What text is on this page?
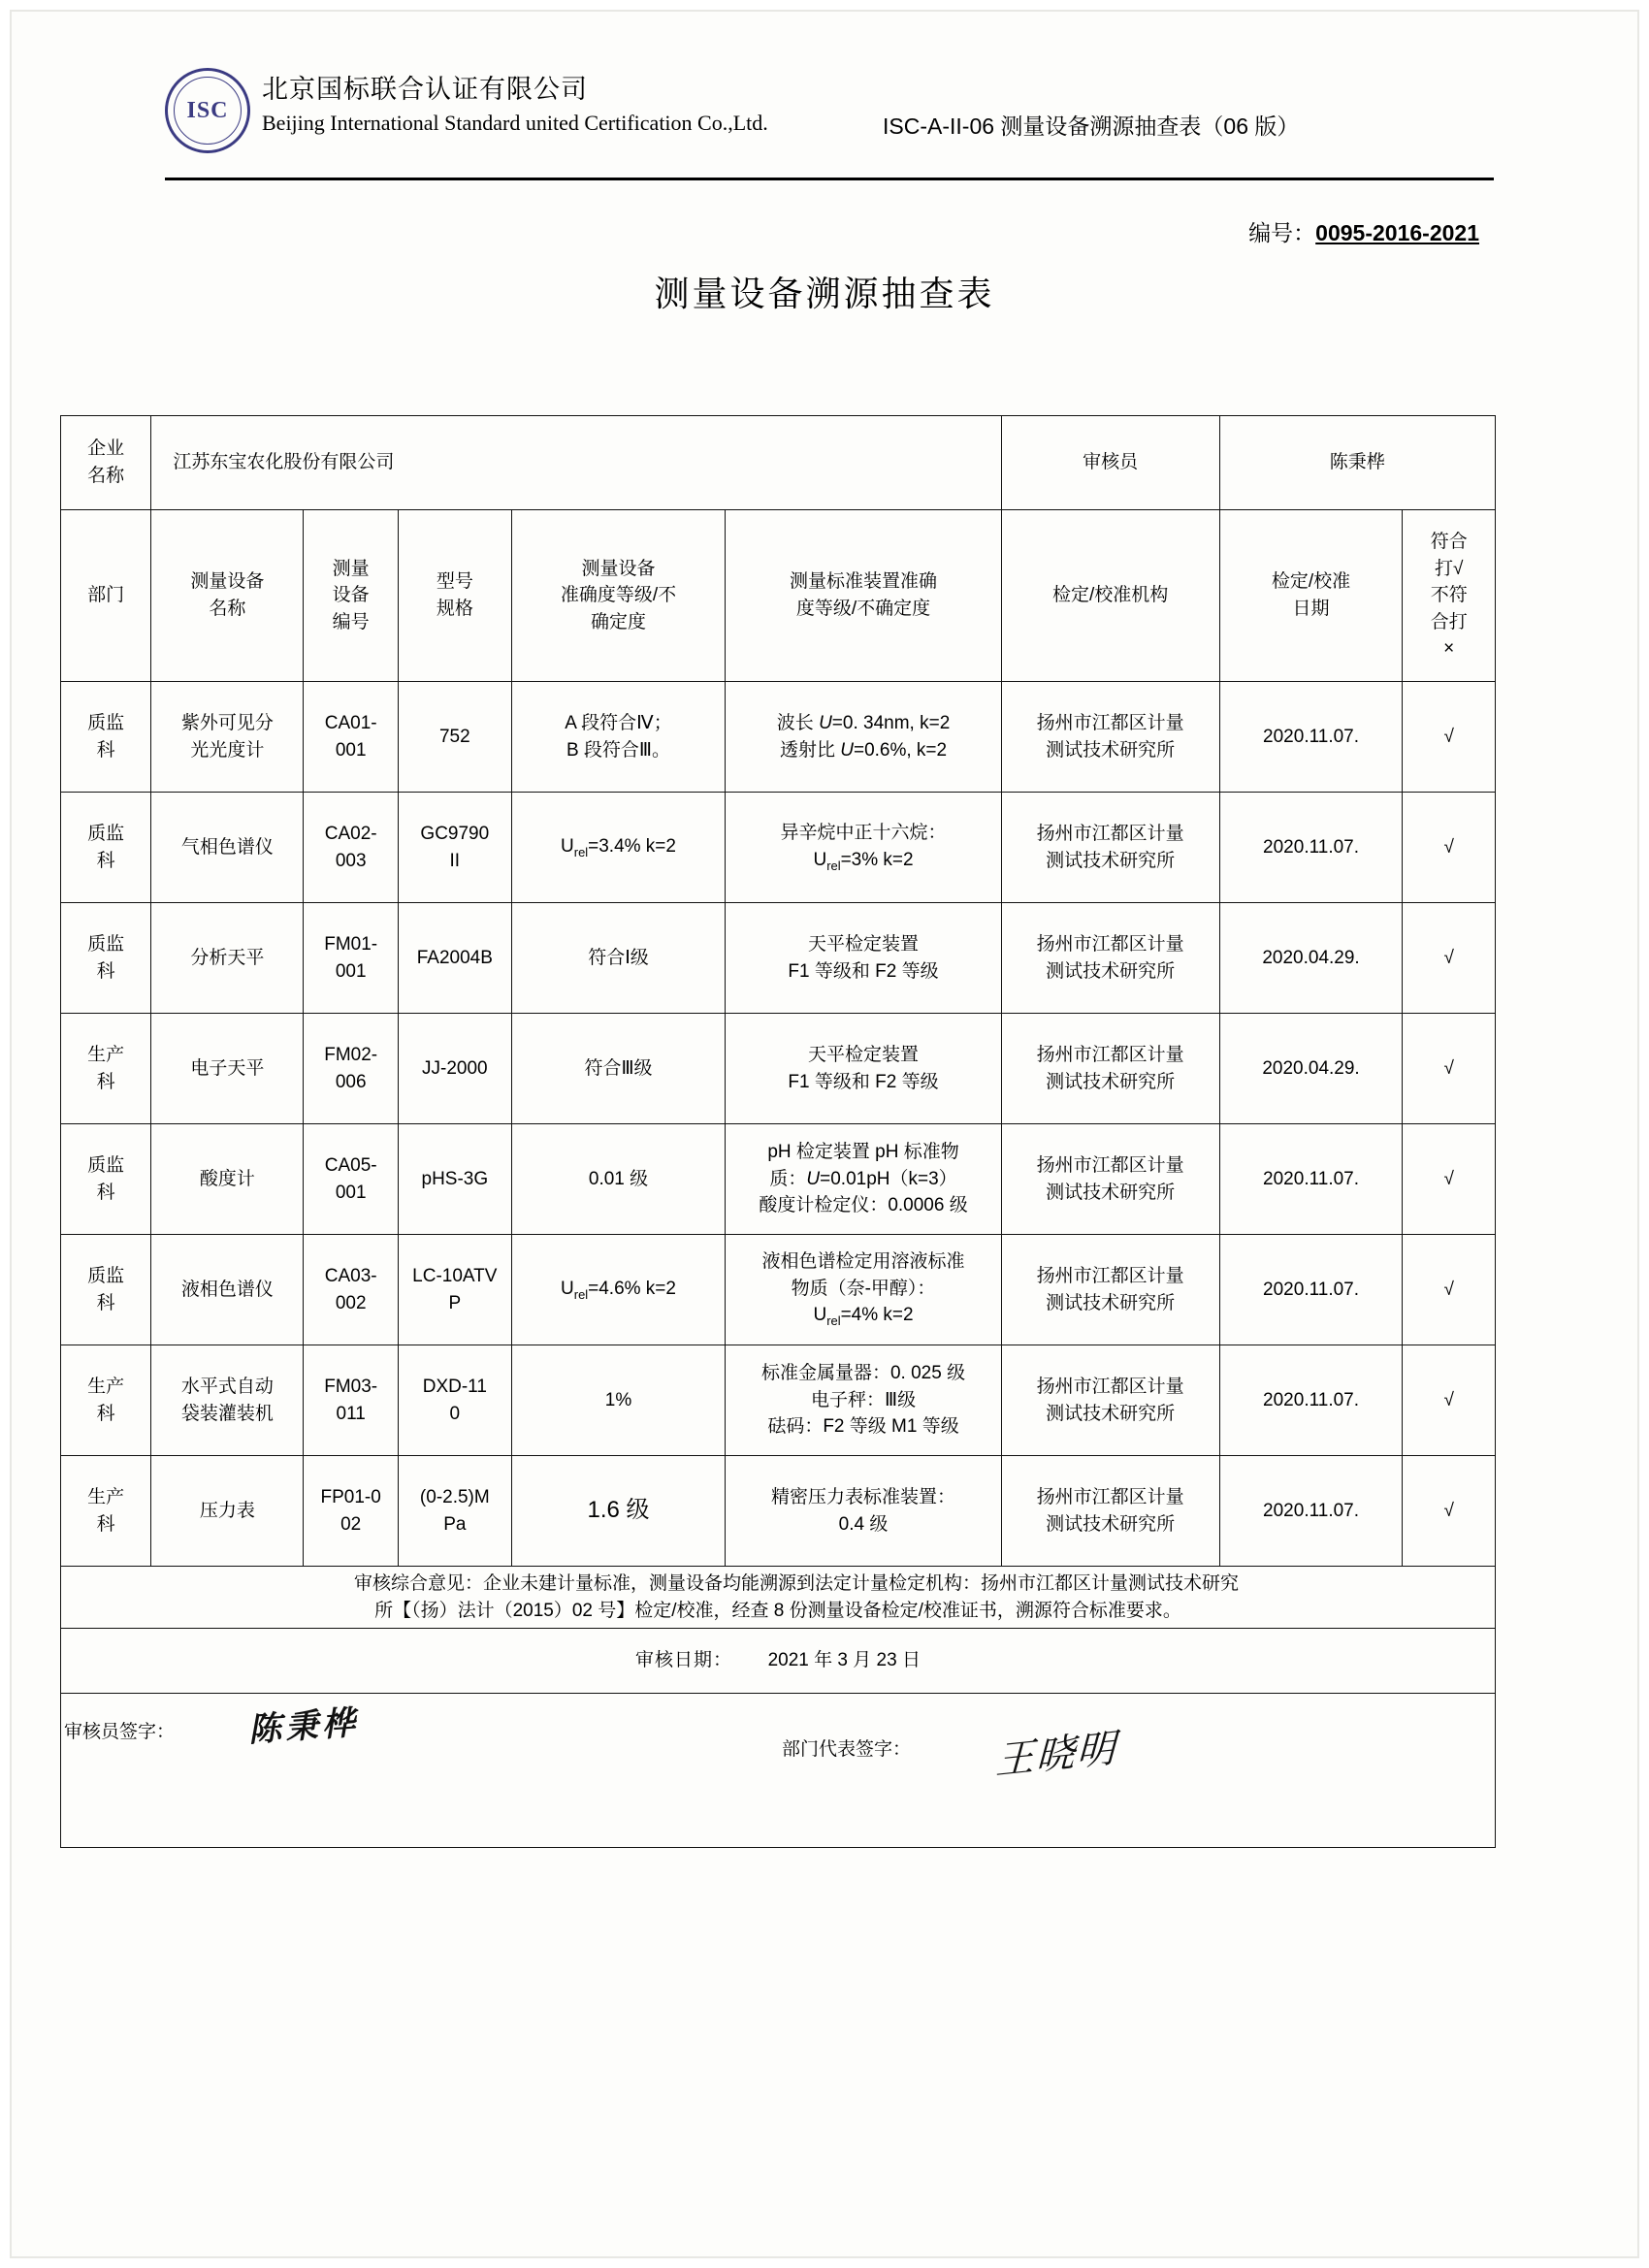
ISC
北京国标联合认证有限公司
Beijing International Standard united Certification Co.,Ltd.	ISC-A-II-06 测量设备溯源抽查表（06 版）
编号：0095-2016-2021
测量设备溯源抽查表
企业
名称	江苏东宝农化股份有限公司					审核员	陈秉桦	
部门	测量设备
名称	测量
设备
编号	型号
规格	测量设备
准确度等级/不
确定度	测量标准装置准确
度等级/不确定度	检定/校准机构	检定/校准
日期	符合
打√
不符
合打
×
质监
科	紫外可见分
光光度计	CA01-
001	752	A 段符合Ⅳ；
B 段符合Ⅲ。	波长 U=0. 34nm, k=2
透射比 U=0.6%, k=2	扬州市江都区计量
测试技术研究所	2020.11.07.	√
质监
科	气相色谱仪	CA02-
003	GC9790
II	$U_{rel}=3.4\%$ k=2	异辛烷中正十六烷：
$U_{rel}=3\%$ k=2	扬州市江都区计量
测试技术研究所	2020.11.07.	√
质监
科	分析天平	FM01-
001	FA2004B	符合Ⅰ级	天平检定装置
F1 等级和 F2 等级	扬州市江都区计量
测试技术研究所	2020.04.29.	√
生产
科	电子天平	FM02-
006	JJ-2000	符合Ⅲ级	天平检定装置
F1 等级和 F2 等级	扬州市江都区计量
测试技术研究所	2020.04.29.	√
质监
科	酸度计	CA05-
001	pHS-3G	0.01 级	pH 检定装置 pH 标准物
质：U=0.01pH（k=3）
酸度计检定仪：0.0006 级	扬州市江都区计量
测试技术研究所	2020.11.07.	√
质监
科	液相色谱仪	CA03-
002	LC-10ATV
P	$U_{rel}=4.6\%$ k=2	液相色谱检定用溶液标准
物质（奈-甲醇）：
$U_{rel}=4\%$ k=2	扬州市江都区计量
测试技术研究所	2020.11.07.	√
生产
科	水平式自动
袋装灌装机	FM03-
011	DXD-11
0	1%	标准金属量器：0. 025 级
电子秤：Ⅲ级
砝码：F2 等级 M1 等级	扬州市江都区计量
测试技术研究所	2020.11.07.	√
生产
科	压力表	FP01-0
02	(0-2.5)M
Pa	1.6 级	精密压力表标准装置：
0.4 级	扬州市江都区计量
测试技术研究所	2020.11.07.	√

审核综合意见：企业未建计量标准，测量设备均能溯源到法定计量检定机构：扬州市江都区计量测试技术研究
所【（扬）法计（2015）02 号】检定/校准，经查 8 份测量设备检定/校准证书，溯源符合标准要求。								
审核日期： 2021 年 3 月 23 日								

审核员签字： 陈秉桦
部门代表签字： 王晓明								
